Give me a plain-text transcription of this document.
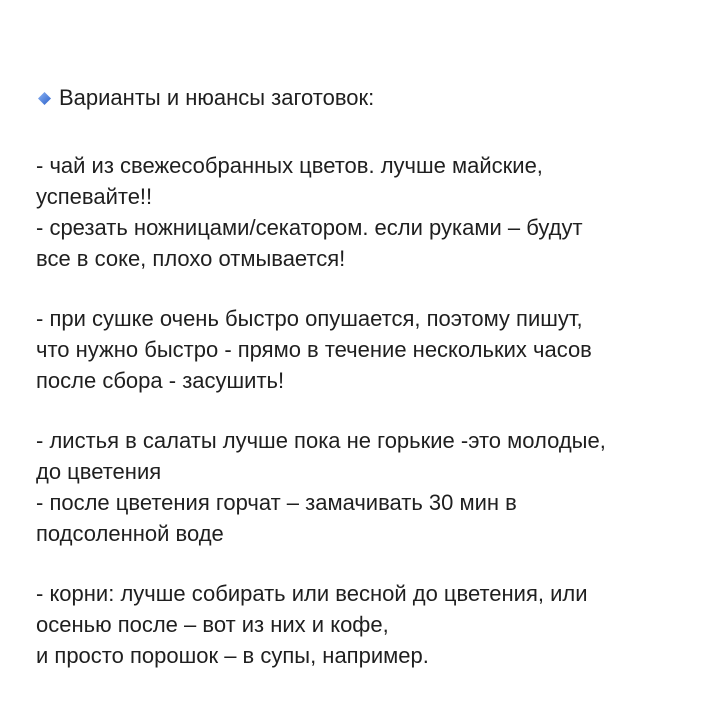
Варианты и нюансы заготовок:
- чай из свежесобранных цветов. лучше майские,
успевайте!!
- срезать ножницами/секатором. если руками – будут
все в соке, плохо отмывается!
- при сушке очень быстро опушается, поэтому пишут,
что нужно быстро - прямо в течение нескольких часов
после сбора - засушить!
- листья в салаты лучше пока не горькие -это молодые,
до цветения
- после цветения горчат – замачивать 30 мин в
подсоленной воде
- корни: лучше собирать или весной до цветения, или
осенью после – вот из них и кофе,
и просто порошок – в супы, например.
